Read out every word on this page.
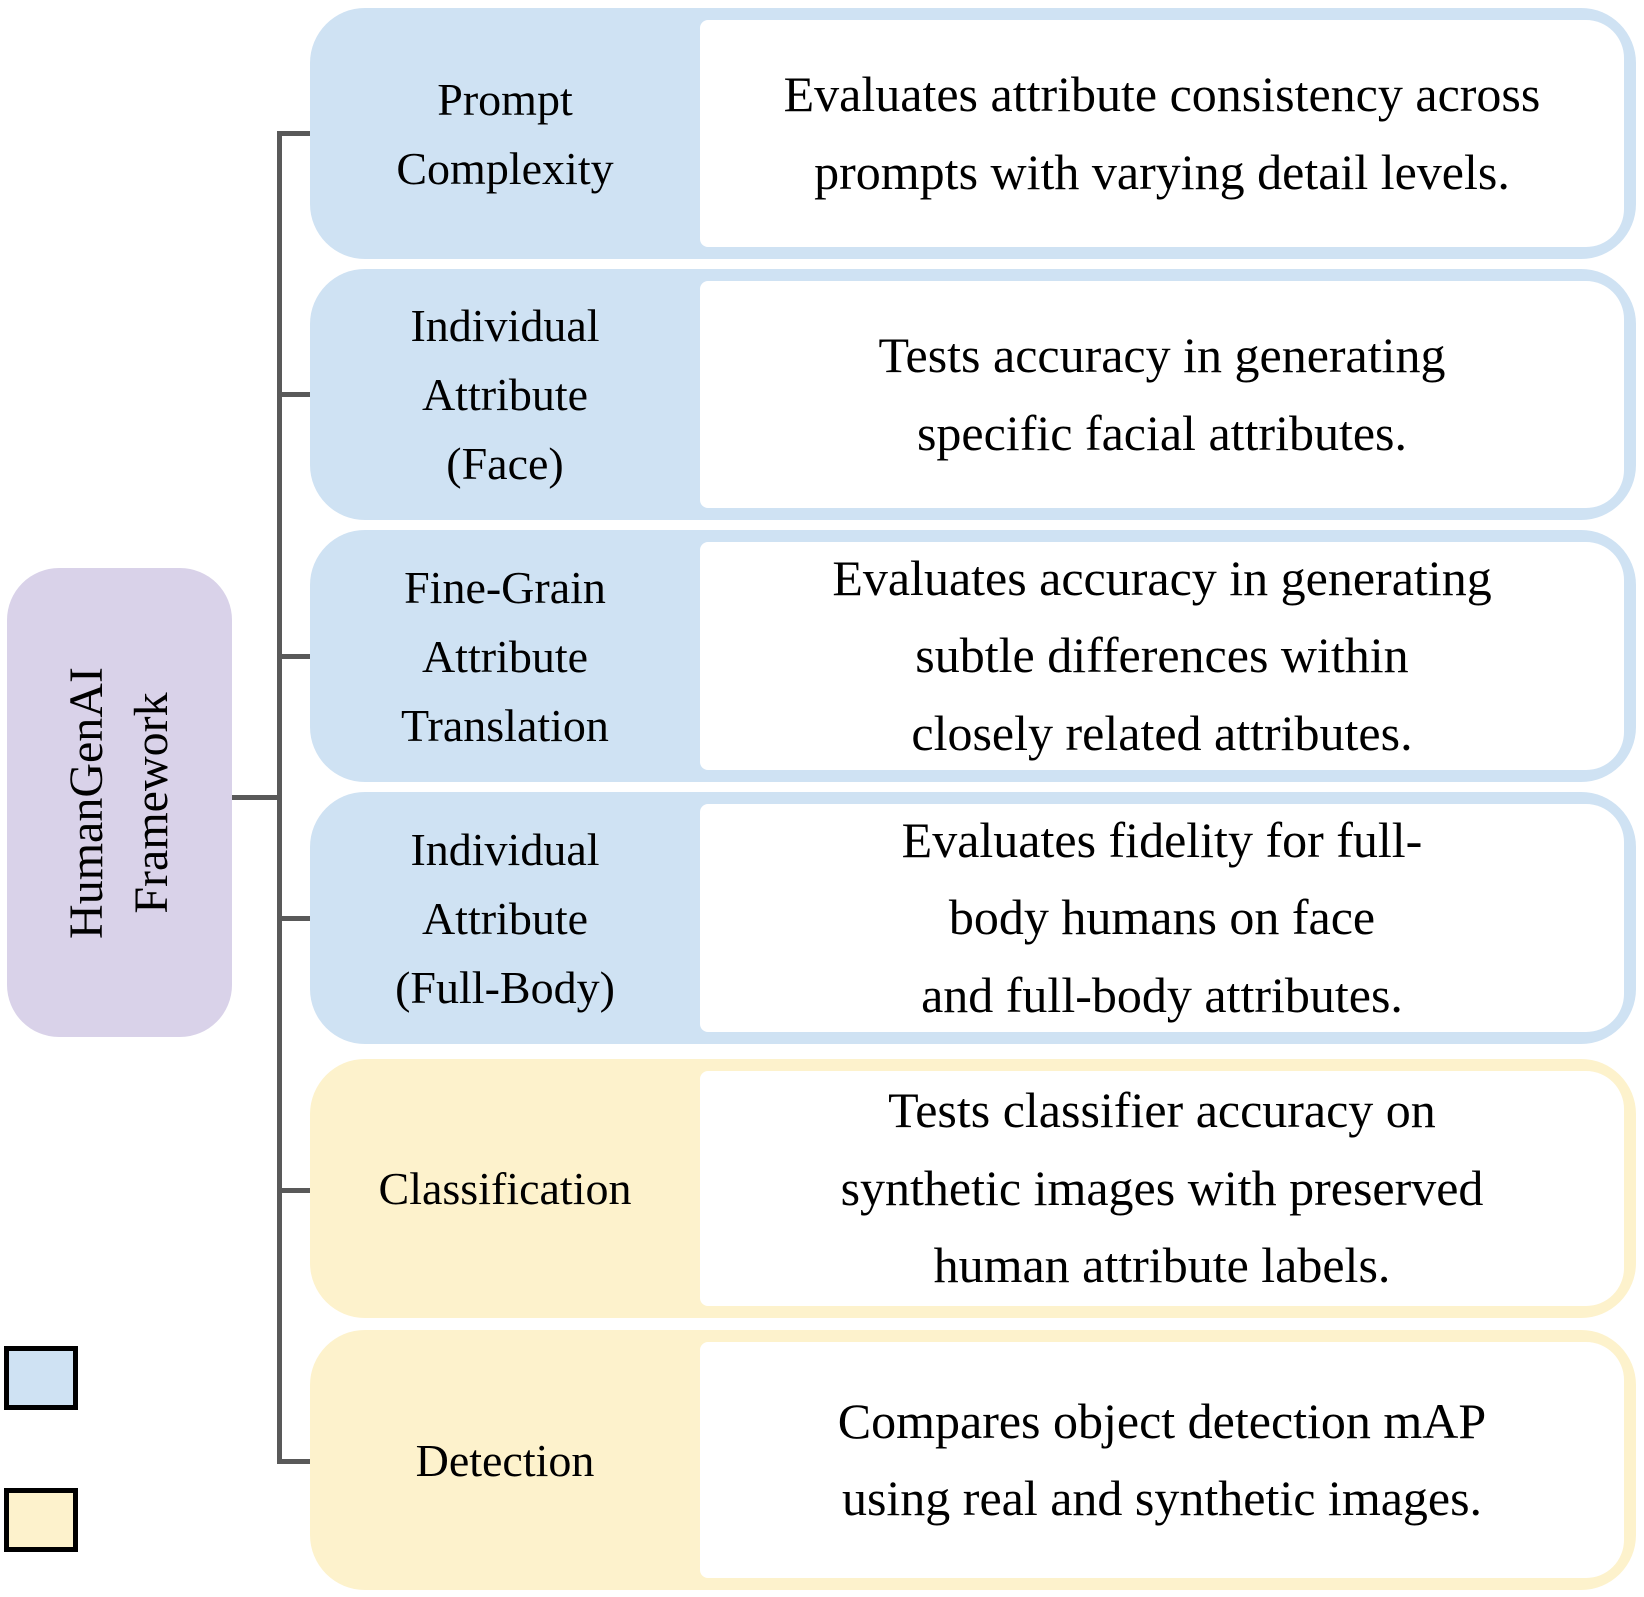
HumanGenAI Framework
Prompt Complexity
Evaluates attribute consistency across prompts with varying detail levels.
Individual Attribute (Face)
Tests accuracy in generating specific facial attributes.
Fine-Grain Attribute Translation
Evaluates accuracy in generating subtle differences within closely related attributes.
Individual Attribute (Full-Body)
Evaluates fidelity for full-body humans on face and full-body attributes.
Classification
Tests classifier accuracy on synthetic images with preserved human attribute labels.
Detection
Compares object detection mAP using real and synthetic images.
